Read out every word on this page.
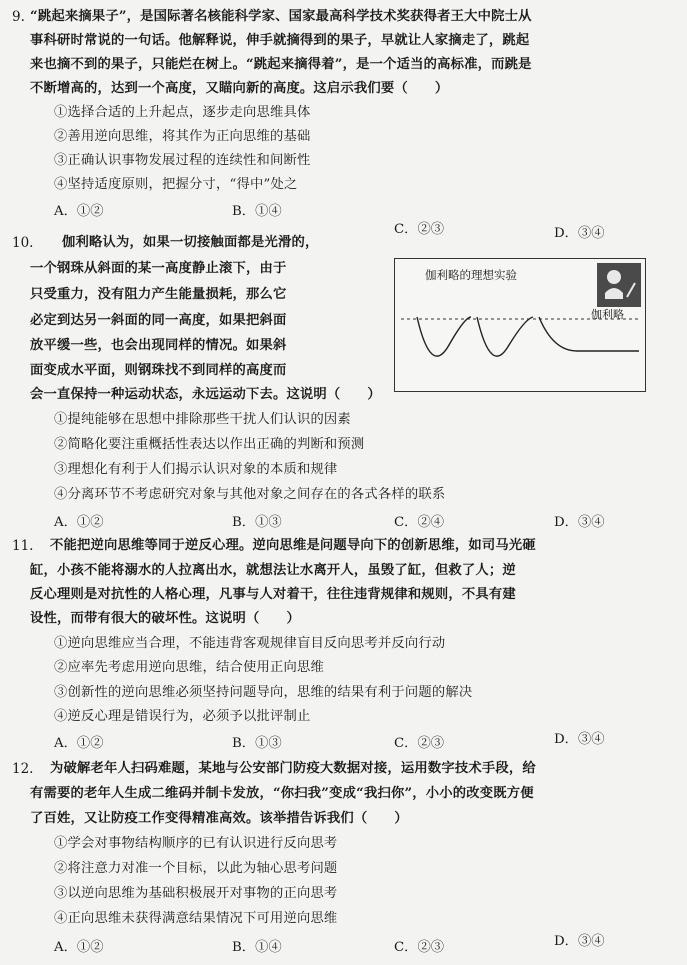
9. “跳起来摘果子”，是国际著名核能科学家、国家最高科学技术奖获得者王大中院士从
事科研时常说的一句话。他解释说，伸手就摘得到的果子，早就让人家摘走了，跳起
来也摘不到的果子，只能烂在树上。“跳起来摘得着”，是一个适当的高标准，而跳是
不断增高的，达到一个高度，又瞄向新的高度。这启示我们要（　　）
①选择合适的上升起点，逐步走向思维具体
②善用逆向思维，将其作为正向思维的基础
③正确认识事物发展过程的连续性和间断性
④坚持适度原则，把握分寸，“得中”处之
A．①②	B．①④
C．②③	D．③④
10. 伽利略认为，如果一切接触面都是光滑的，
一个钢珠从斜面的某一高度静止滚下，由于
只受重力，没有阻力产生能量损耗，那么它
必定到达另一斜面的同一高度，如果把斜面
放平缓一些，也会出现同样的情况。如果斜
面变成水平面，则钢珠找不到同样的高度而
会一直保持一种运动状态，永远运动下去。这说明（　　）
①提纯能够在思想中排除那些干扰人们认识的因素
②简略化要注重概括性表达以作出正确的判断和预测
③理想化有利于人们揭示认识对象的本质和规律
④分离环节不考虑研究对象与其他对象之间存在的各式各样的联系
A．①②	B．①③	C．②④	D．③④
伽利略的理想实验
伽利略
11. 不能把逆向思维等同于逆反心理。逆向思维是问题导向下的创新思维，如司马光砸
缸，小孩不能将溺水的人拉离出水，就想法让水离开人，虽毁了缸，但救了人；逆
反心理则是对抗性的人格心理，凡事与人对着干，往往违背规律和规则，不具有建
设性，而带有很大的破坏性。这说明（　　）
①逆向思维应当合理，不能违背客观规律盲目反向思考并反向行动
②应率先考虑用逆向思维，结合使用正向思维
③创新性的逆向思维必须坚持问题导向，思维的结果有利于问题的解决
④逆反心理是错误行为，必须予以批评制止
A．①②	B．①③	C．②③	D．③④
12. 为破解老年人扫码难题，某地与公安部门防疫大数据对接，运用数字技术手段，给
有需要的老年人生成二维码并制卡发放，“你扫我”变成“我扫你”，小小的改变既方便
了百姓，又让防疫工作变得精准高效。该举措告诉我们（　　）
①学会对事物结构顺序的已有认识进行反向思考
②将注意力对准一个目标，以此为轴心思考问题
③以逆向思维为基础积极展开对事物的正向思考
④正向思维未获得满意结果情况下可用逆向思维
A．①②	B．①④	C．②③	D．③④
